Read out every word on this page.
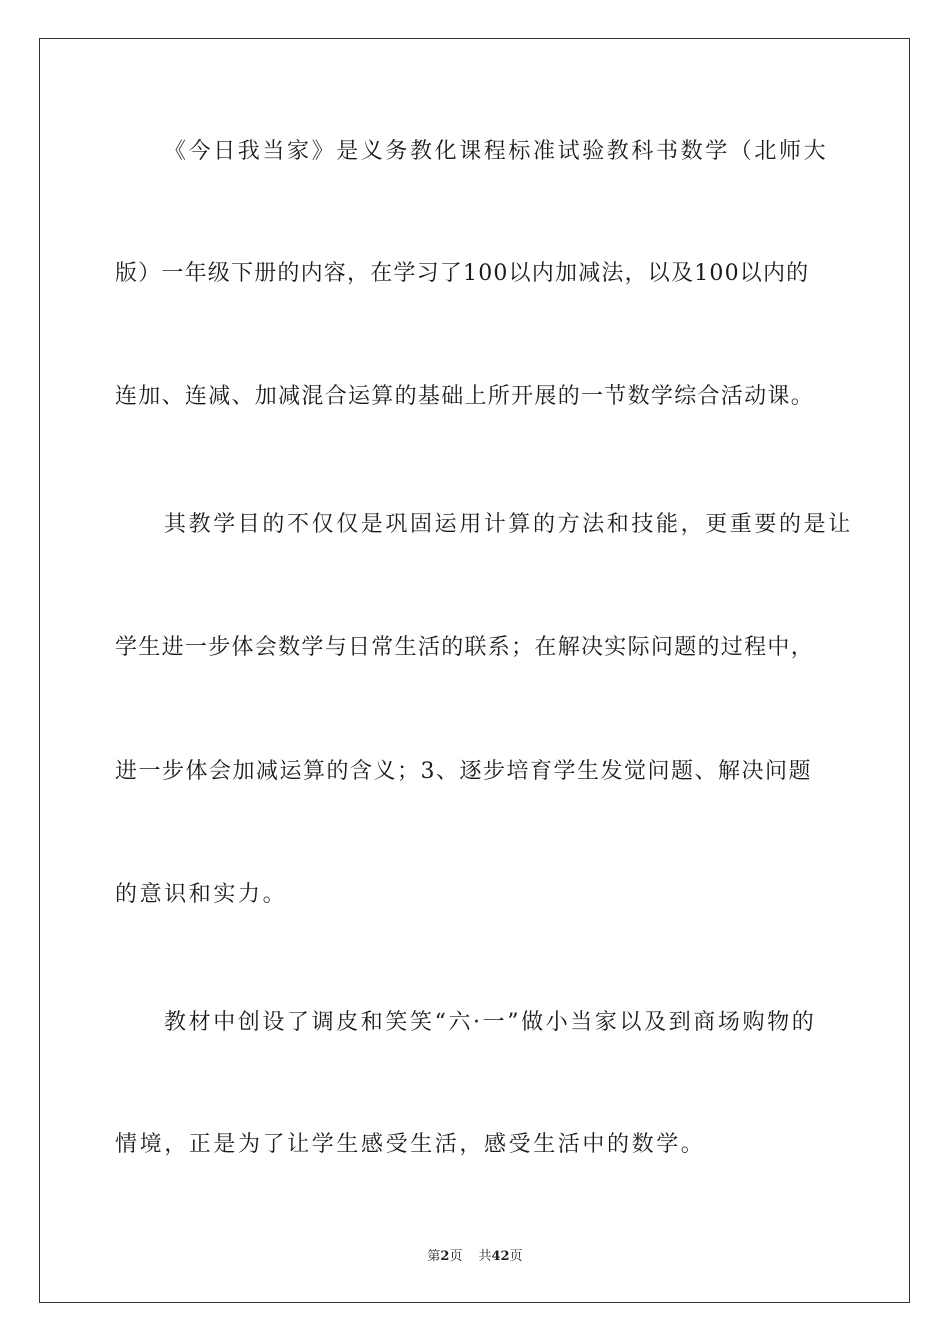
《今日我当家》是义务教化课程标准试验教科书数学（北师大
版）一年级下册的内容，在学习了100以内加减法，以及100以内的
连加、连减、加减混合运算的基础上所开展的一节数学综合活动课。
其教学目的不仅仅是巩固运用计算的方法和技能，更重要的是让
学生进一步体会数学与日常生活的联系；在解决实际问题的过程中，
进一步体会加减运算的含义；3、逐步培育学生发觉问题、解决问题
的意识和实力。
教材中创设了调皮和笑笑“六·一”做小当家以及到商场购物的
情境，正是为了让学生感受生活，感受生活中的数学。
第2页 共42页
